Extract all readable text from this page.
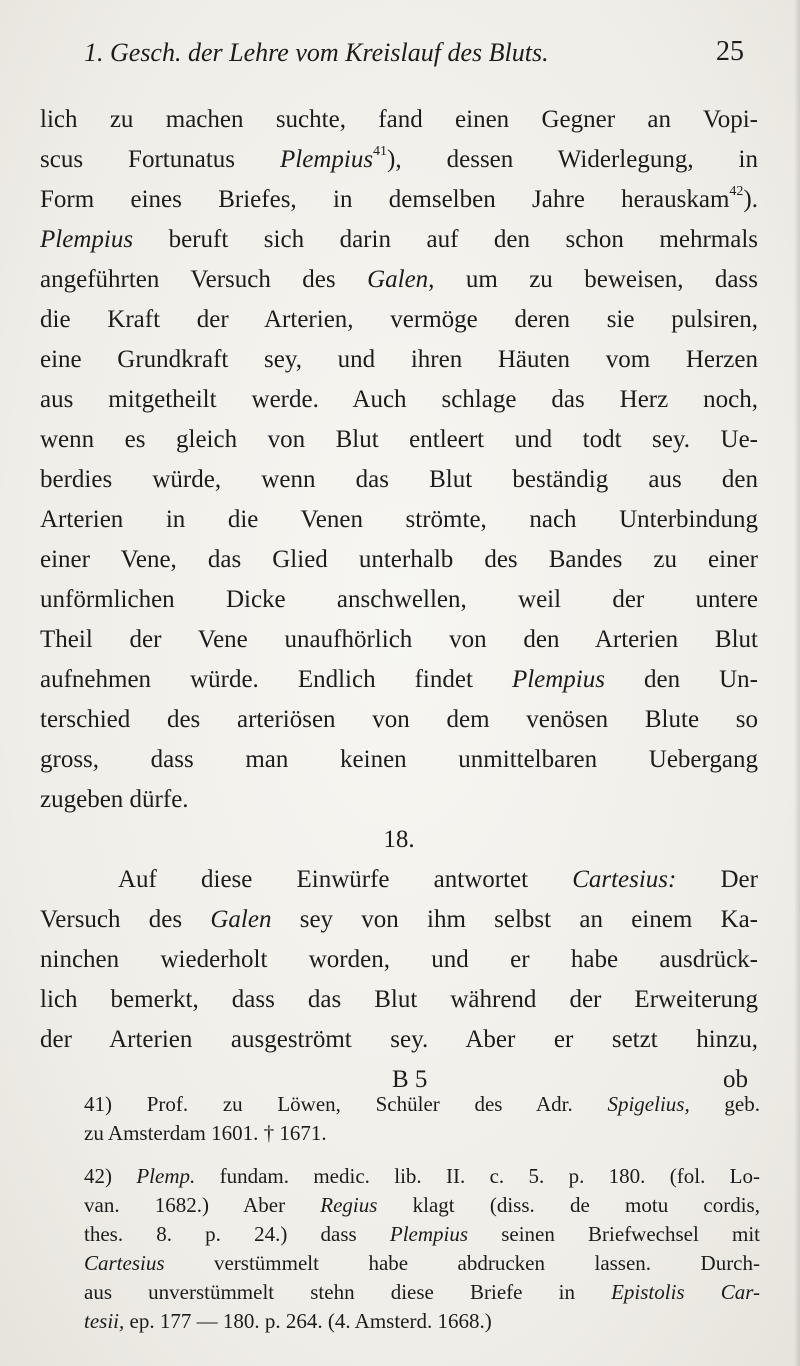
1. Gesch. der Lehre vom Kreislauf des Bluts.	25
lich zu machen suchte, fand einen Gegner an Vopi-
scus Fortunatus Plempius$^{41}$), dessen Widerlegung, in
Form eines Briefes, in demselben Jahre herauskam$^{42}$).
Plempius beruft sich darin auf den schon mehrmals
angeführten Versuch des Galen, um zu beweisen, dass
die Kraft der Arterien, vermöge deren sie pulsiren,
eine Grundkraft sey, und ihren Häuten vom Herzen
aus mitgetheilt werde. Auch schlage das Herz noch,
wenn es gleich von Blut entleert und todt sey. Ue-
berdies würde, wenn das Blut beständig aus den
Arterien in die Venen strömte, nach Unterbindung
einer Vene, das Glied unterhalb des Bandes zu einer
unförmlichen Dicke anschwellen, weil der untere
Theil der Vene unaufhörlich von den Arterien Blut
aufnehmen würde. Endlich findet Plempius den Un-
terschied des arteriösen von dem venösen Blute so
gross, dass man keinen unmittelbaren Uebergang
zugeben dürfe.
18.
Auf diese Einwürfe antwortet Cartesius: Der
Versuch des Galen sey von ihm selbst an einem Ka-
ninchen wiederholt worden, und er habe ausdrück-
lich bemerkt, dass das Blut während der Erweiterung
der Arterien ausgeströmt sey. Aber er setzt hinzu,
B 5	ob
41) Prof. zu Löwen, Schüler des Adr. Spigelius, geb.
zu Amsterdam 1601. † 1671.
42) Plemp. fundam. medic. lib. II. c. 5. p. 180. (fol. Lo-
van. 1682.) Aber Regius klagt (diss. de motu cordis,
thes. 8. p. 24.) dass Plempius seinen Briefwechsel mit
Cartesius verstümmelt habe abdrucken lassen. Durch-
aus unverstümmelt stehn diese Briefe in Epistolis Car-
tesii, ep. 177 — 180. p. 264. (4. Amsterd. 1668.)
